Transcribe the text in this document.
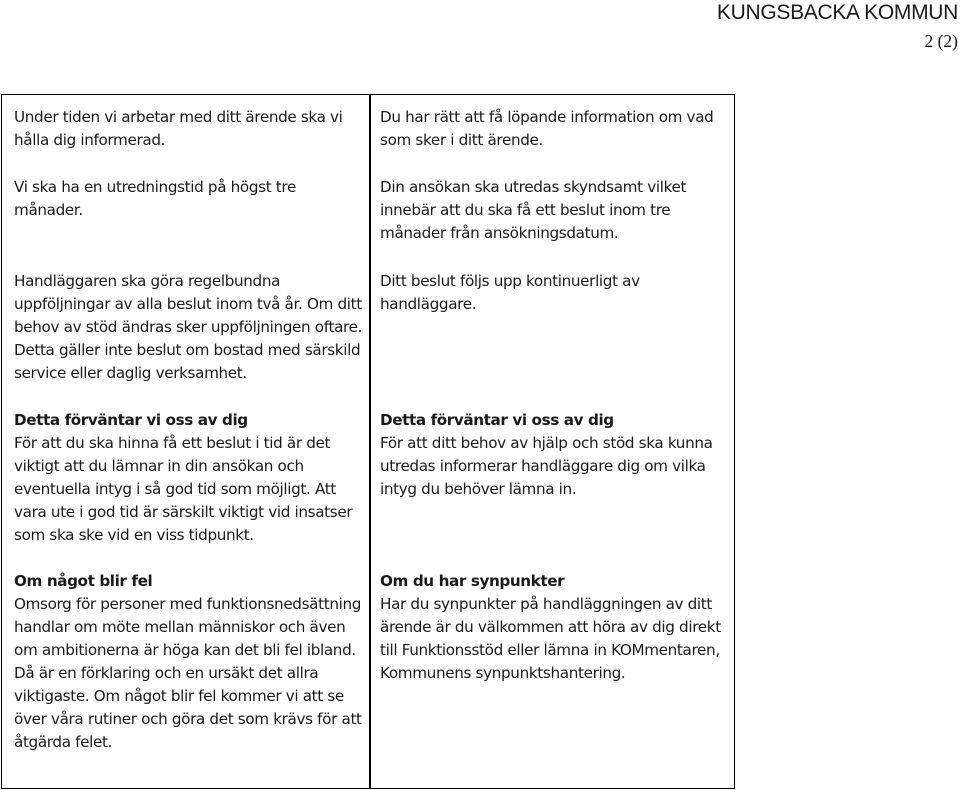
KUNGSBACKA KOMMUN
2 (2)

Under tiden vi arbetar med ditt ärende ska vi hålla dig informerad.

Vi ska ha en utredningstid på högst tre månader.

Handläggaren ska göra regelbundna uppföljningar av alla beslut inom två år. Om ditt behov av stöd ändras sker uppföljningen oftare. Detta gäller inte beslut om bostad med särskild service eller daglig verksamhet.

Detta förväntar vi oss av dig
För att du ska hinna få ett beslut i tid är det viktigt att du lämnar in din ansökan och eventuella intyg i så god tid som möjligt. Att vara ute i god tid är särskilt viktigt vid insatser som ska ske vid en viss tidpunkt.
Om något blir fel
Omsorg för personer med funktionsnedsättning handlar om möte mellan människor och även om ambitionerna är höga kan det bli fel ibland. Då är en förklaring och en ursäkt det allra viktigaste. Om något blir fel kommer vi att se över våra rutiner och göra det som krävs för att åtgärda felet.

Du har rätt att få löpande information om vad som sker i ditt ärende.

Din ansökan ska utredas skyndsamt vilket innebär att du ska få ett beslut inom tre månader från ansökningsdatum.

Ditt beslut följs upp kontinuerligt av handläggare.

Detta förväntar vi oss av dig
För att ditt behov av hjälp och stöd ska kunna utredas informerar handläggare dig om vilka intyg du behöver lämna in.
Om du har synpunkter
Har du synpunkter på handläggningen av ditt ärende är du välkommen att höra av dig direkt till Funktionsstöd eller lämna in KOMmentaren, Kommunens synpunktshantering.
